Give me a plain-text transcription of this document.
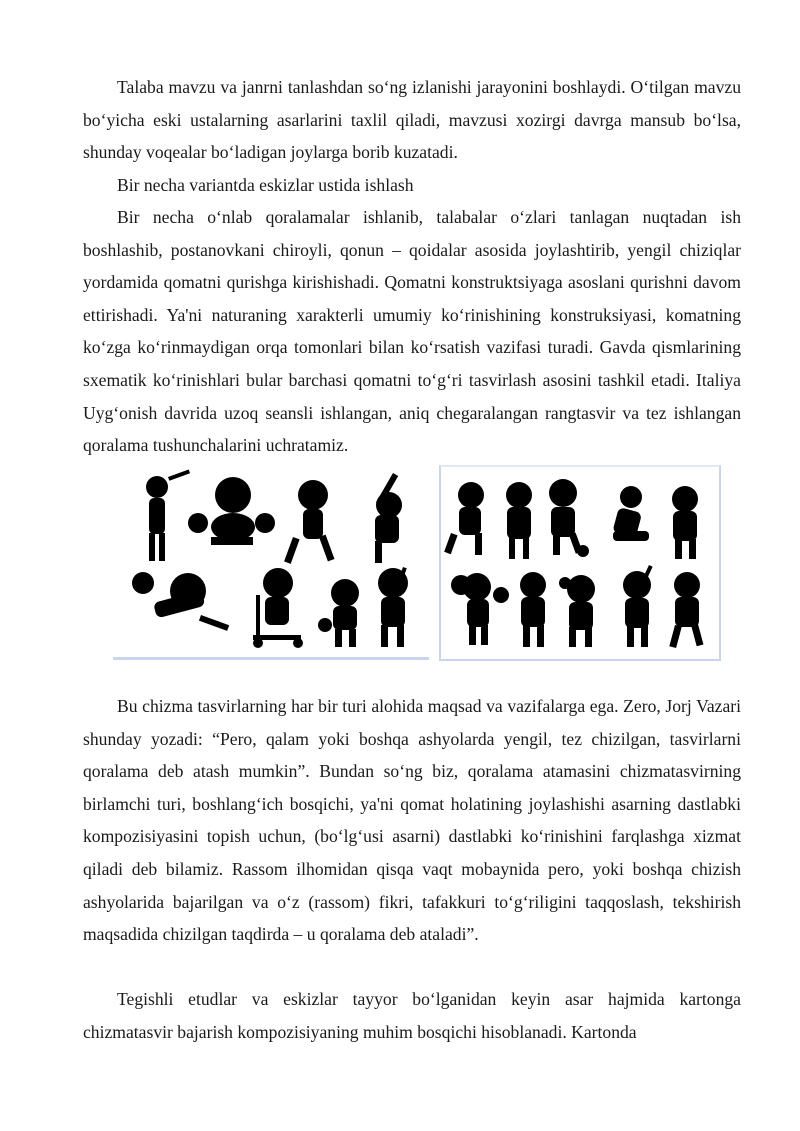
Talaba mavzu va janrni tanlashdan so‘ng izlanishi jarayonini boshlaydi. O‘tilgan mavzu bo‘yicha eski ustalarning asarlarini taxlil qiladi, mavzusi xozirgi davrga mansub bo‘lsa, shunday voqealar bo‘ladigan joylarga borib kuzatadi.

Bir necha variantda eskizlar ustida ishlash

Bir necha o‘nlab qoralamalar ishlanib, talabalar o‘zlari tanlagan nuqtadan ish boshlashib, postanovkani chiroyli, qonun – qoidalar asosida joylashtirib, yengil chiziqlar yordamida qomatni qurishga kirishishadi. Qomatni konstruktsiyaga asoslani qurishni davom ettirishadi. Ya'ni naturaning xarakterli umumiy ko‘rinishining konstruksiyasi, komatning ko‘zga ko‘rinmaydigan orqa tomonlari bilan ko‘rsatish vazifasi turadi. Gavda qismlarining sxematik ko‘rinishlari bular barchasi qomatni to‘g‘ri tasvirlash asosini tashkil etadi. Italiya Uyg‘onish davrida uzoq seansli ishlangan, aniq chegaralangan rangtasvir va tez ishlangan qoralama tushunchalarini uchratamiz.

Bu chizma tasvirlarning har bir turi alohida maqsad va vazifalarga ega. Zero, Jorj Vazari shunday yozadi: “Pero, qalam yoki boshqa ashyolarda yengil, tez chizilgan, tasvirlarni qoralama deb atash mumkin”. Bundan so‘ng biz, qoralama atamasini chizmatasvirning birlamchi turi, boshlang‘ich bosqichi, ya'ni qomat holatining joylashishi asarning dastlabki kompozisiyasini topish uchun, (bo‘lg‘usi asarni) dastlabki ko‘rinishini farqlashga xizmat qiladi deb bilamiz. Rassom ilhomidan qisqa vaqt mobaynida pero, yoki boshqa chizish ashyolarida bajarilgan va o‘z (rassom) fikri, tafakkuri to‘g‘riligini taqqoslash, tekshirish maqsadida chizilgan taqdirda – u qoralama deb ataladi”.

Tegishli etudlar va eskizlar tayyor bo‘lganidan keyin asar hajmida kartonga chizmatasvir bajarish kompozisiyaning muhim bosqichi hisoblanadi. Kartonda
